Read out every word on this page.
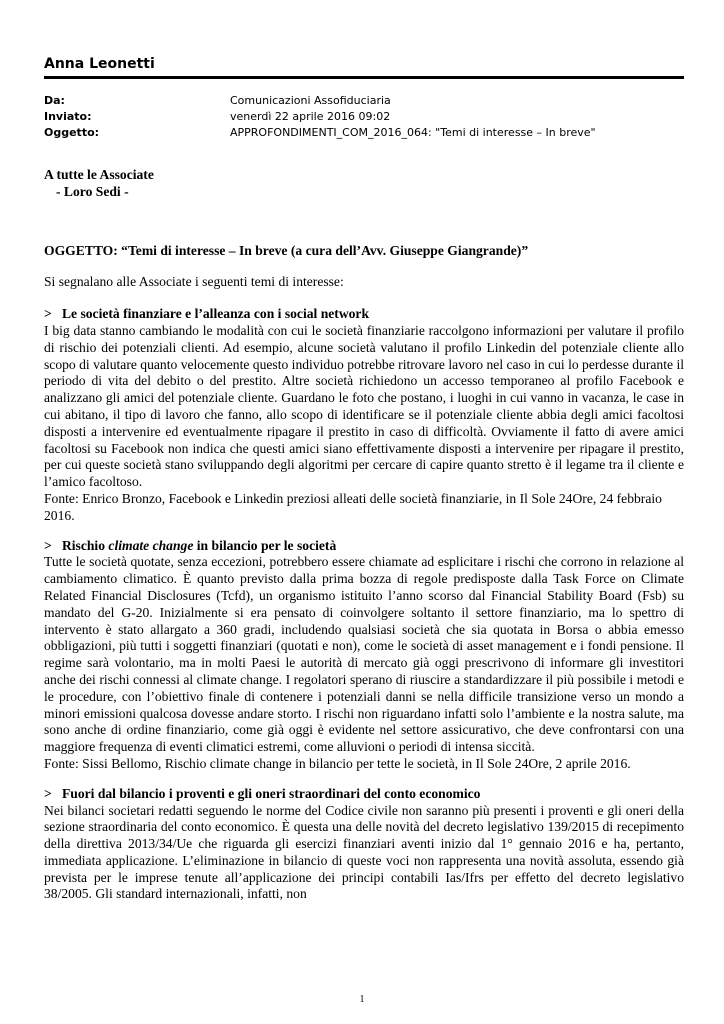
Anna Leonetti
Da:	Comunicazioni Assofiduciaria
Inviato:	venerdì 22 aprile 2016 09:02
Oggetto:	APPROFONDIMENTI_COM_2016_064: "Temi di interesse – In breve"

A tutte le Associate

- Loro Sedi -

OGGETTO: “Temi di interesse – In breve (a cura dell’Avv. Giuseppe Giangrande)”

Si segnalano alle Associate i seguenti temi di interesse:

> Le società finanziare e l’alleanza con i social network

I big data stanno cambiando le modalità con cui le società finanziarie raccolgono informazioni per valutare il profilo di rischio dei potenziali clienti. Ad esempio, alcune società valutano il profilo Linkedin del potenziale cliente allo scopo di valutare quanto velocemente questo individuo potrebbe ritrovare lavoro nel caso in cui lo perdesse durante il periodo di vita del debito o del prestito. Altre società richiedono un accesso temporaneo al profilo Facebook e analizzano gli amici del potenziale cliente. Guardano le foto che postano, i luoghi in cui vanno in vacanza, le case in cui abitano, il tipo di lavoro che fanno, allo scopo di identificare se il potenziale cliente abbia degli amici facoltosi disposti a intervenire ed eventualmente ripagare il prestito in caso di difficoltà. Ovviamente il fatto di avere amici facoltosi su Facebook non indica che questi amici siano effettivamente disposti a intervenire per ripagare il prestito, per cui queste società stano sviluppando degli algoritmi per cercare di capire quanto stretto è il legame tra il cliente e l’amico facoltoso.

Fonte: Enrico Bronzo, Facebook e Linkedin preziosi alleati delle società finanziarie, in Il Sole 24Ore, 24 febbraio 2016.

> Rischio climate change in bilancio per le società

Tutte le società quotate, senza eccezioni, potrebbero essere chiamate ad esplicitare i rischi che corrono in relazione al cambiamento climatico. È quanto previsto dalla prima bozza di regole predisposte dalla Task Force on Climate Related Financial Disclosures (Tcfd), un organismo istituito l’anno scorso dal Financial Stability Board (Fsb) su mandato del G-20. Inizialmente si era pensato di coinvolgere soltanto il settore finanziario, ma lo spettro di intervento è stato allargato a 360 gradi, includendo qualsiasi società che sia quotata in Borsa o abbia emesso obbligazioni, più tutti i soggetti finanziari (quotati e non), come le società di asset management e i fondi pensione. Il regime sarà volontario, ma in molti Paesi le autorità di mercato già oggi prescrivono di informare gli investitori anche dei rischi connessi al climate change. I regolatori sperano di riuscire a standardizzare il più possibile i metodi e le procedure, con l’obiettivo finale di contenere i potenziali danni se nella difficile transizione verso un mondo a minori emissioni qualcosa dovesse andare storto. I rischi non riguardano infatti solo l’ambiente e la nostra salute, ma sono anche di ordine finanziario, come già oggi è evidente nel settore assicurativo, che deve confrontarsi con una maggiore frequenza di eventi climatici estremi, come alluvioni o periodi di intensa siccità.

Fonte: Sissi Bellomo, Rischio climate change in bilancio per tette le società, in Il Sole 24Ore, 2 aprile 2016.

> Fuori dal bilancio i proventi e gli oneri straordinari del conto economico

Nei bilanci societari redatti seguendo le norme del Codice civile non saranno più presenti i proventi e gli oneri della sezione straordinaria del conto economico. È questa una delle novità del decreto legislativo 139/2015 di recepimento della direttiva 2013/34/Ue che riguarda gli esercizi finanziari aventi inizio dal 1° gennaio 2016 e ha, pertanto, immediata applicazione. L’eliminazione in bilancio di queste voci non rappresenta una novità assoluta, essendo già prevista per le imprese tenute all’applicazione dei principi contabili Ias/Ifrs per effetto del decreto legislativo 38/2005. Gli standard internazionali, infatti, non

1
